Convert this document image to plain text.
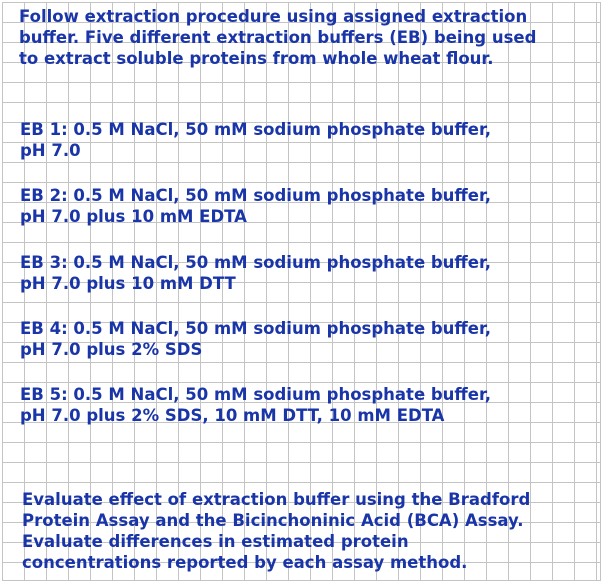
Follow extraction procedure using assigned extraction
buffer. Five different extraction buffers (EB) being used
to extract soluble proteins from whole wheat flour.

EB 1: 0.5 M NaCl, 50 mM sodium phosphate buffer,
pH 7.0

EB 2: 0.5 M NaCl, 50 mM sodium phosphate buffer,
pH 7.0 plus 10 mM EDTA

EB 3: 0.5 M NaCl, 50 mM sodium phosphate buffer,
pH 7.0 plus 10 mM DTT

EB 4: 0.5 M NaCl, 50 mM sodium phosphate buffer,
pH 7.0 plus 2% SDS

EB 5: 0.5 M NaCl, 50 mM sodium phosphate buffer,
pH 7.0 plus 2% SDS, 10 mM DTT, 10 mM EDTA

Evaluate effect of extraction buffer using the Bradford
Protein Assay and the Bicinchoninic Acid (BCA) Assay.
Evaluate differences in estimated protein
concentrations reported by each assay method.
